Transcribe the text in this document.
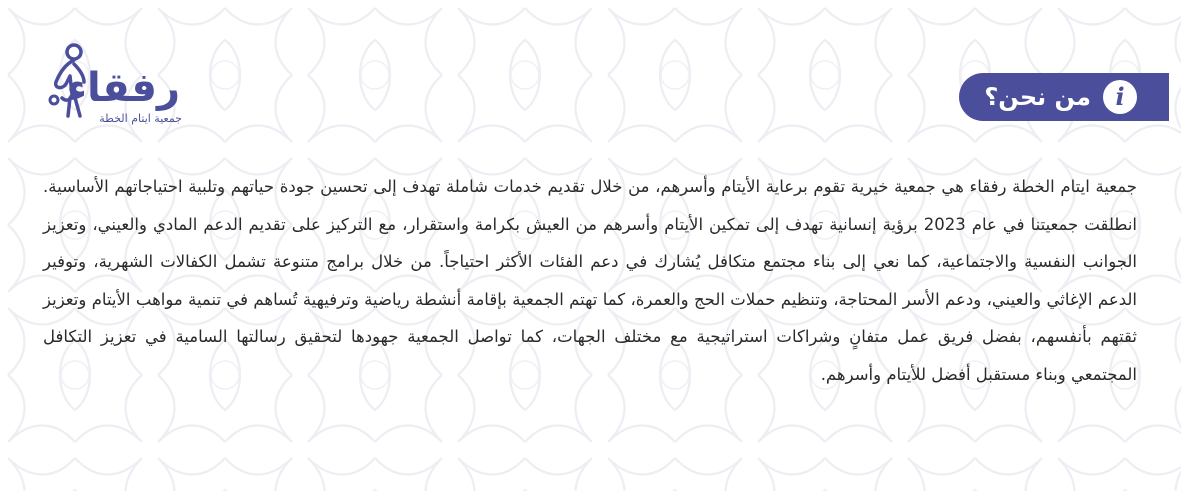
رفقاء
جمعية ايتام الخطة
i
من نحن؟

جمعية ايتام الخطة رفقاء هي جمعية خيرية تقوم برعاية الأيتام وأسرهم، من خلال تقديم خدمات شاملة تهدف إلى تحسين جودة حياتهم وتلبية احتياجاتهم الأساسية. انطلقت جمعيتنا في عام 2023 برؤية إنسانية تهدف إلى تمكين الأيتام وأسرهم من العيش بكرامة واستقرار، مع التركيز على تقديم الدعم المادي والعيني، وتعزيز الجوانب النفسية والاجتماعية، كما نعي إلى بناء مجتمع متكافل يُشارك في دعم الفئات الأكثر احتياجاً. من خلال برامج متنوعة تشمل الكفالات الشهرية، وتوفير الدعم الإغاثي والعيني، ودعم الأسر المحتاجة، وتنظيم حملات الحج والعمرة، كما تهتم الجمعية بإقامة أنشطة رياضية وترفيهية تُساهم في تنمية مواهب الأيتام وتعزيز ثقتهم بأنفسهم، بفضل فريق عمل متفانٍ وشراكات استراتيجية مع مختلف الجهات، كما تواصل الجمعية جهودها لتحقيق رسالتها السامية في تعزيز التكافل المجتمعي وبناء مستقبل أفضل للأيتام وأسرهم.
